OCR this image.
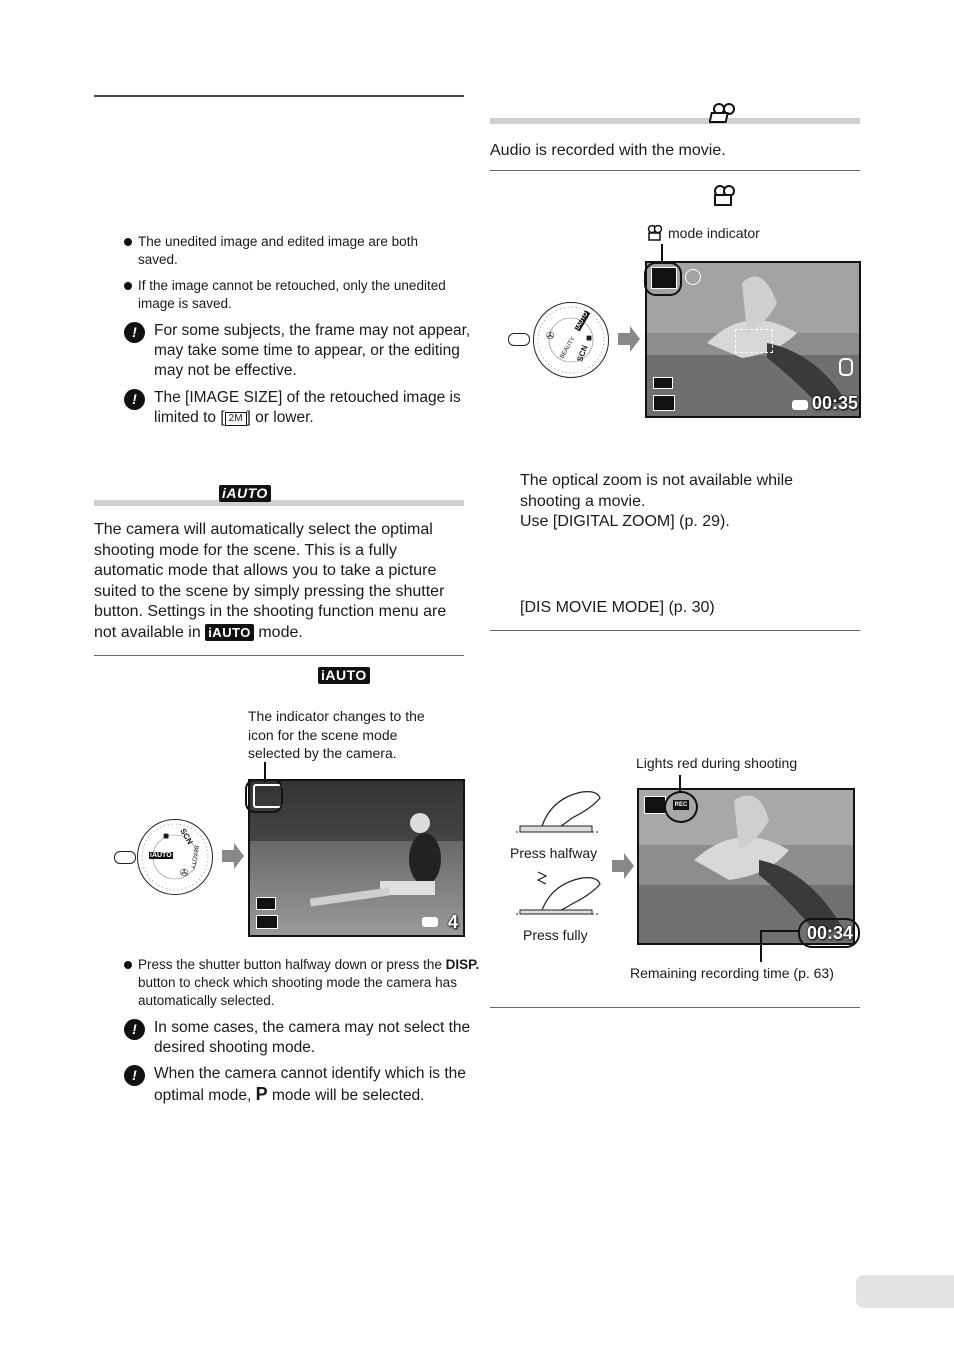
The unedited image and edited image are both saved.
If the image cannot be retouched, only the unedited image is saved.
!	For some subjects, the frame may not appear, may take some time to appear, or the editing may not be effective.
!	The [IMAGE SIZE] of the retouched image is limited to [ 2M ] or lower.
iAUTO
The camera will automatically select the optimal shooting mode for the scene. This is a fully automatic mode that allows you to take a picture suited to the scene by simply pressing the shutter button. Settings in the shooting function menu are not available in iAUTO mode.
iAUTO
The indicator changes to the icon for the scene mode selected by the camera.
iAUTO	BEAUTY
SCN
■
✇
4
Press the shutter button halfway down or press the DISP. button to check which shooting mode the camera has automatically selected.
!	In some cases, the camera may not select the desired shooting mode.
!	When the camera cannot identify which is the optimal mode, P mode will be selected.
Audio is recorded with the movie.
mode indicator
iAUTO
BEAUTY
SCN
✇	■
00:35
The optical zoom is not available while shooting a movie.
Use [DIGITAL ZOOM] (p. 29).
[DIS MOVIE MODE] (p. 30)
Lights red during shooting
Press halfway
Press fully
REC
00:34
Remaining recording time (p. 63)
